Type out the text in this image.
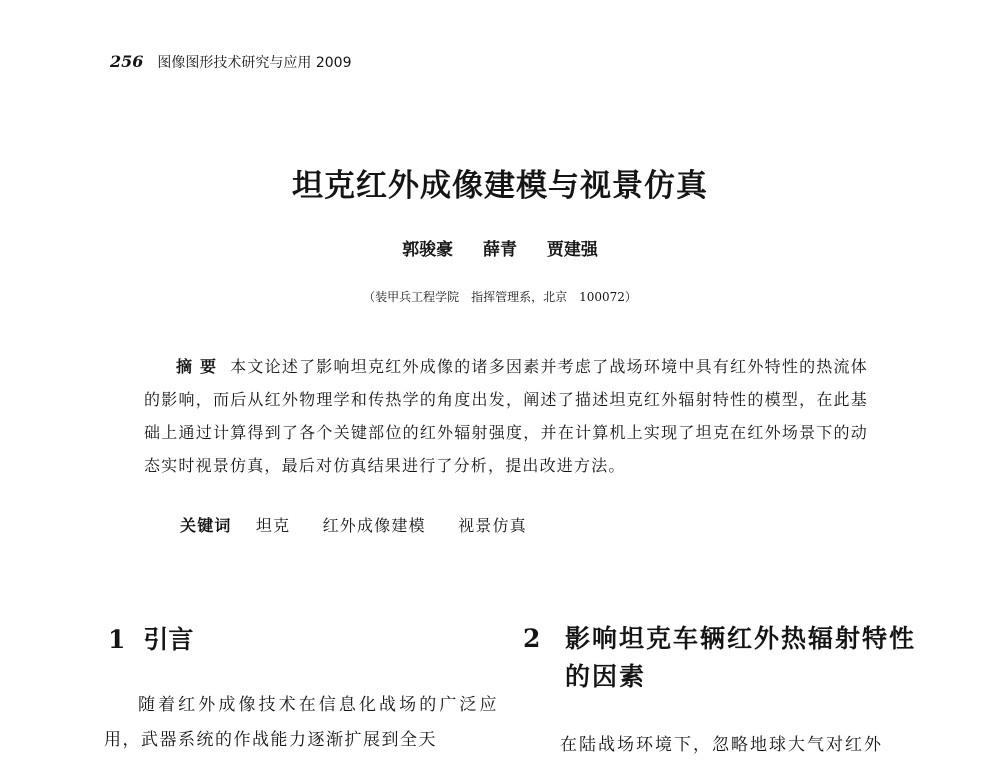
256 图像图形技术研究与应用 2009
坦克红外成像建模与视景仿真
郭骏豪 薛青 贾建强
（装甲兵工程学院　指挥管理系，北京　100072）
摘要 本文论述了影响坦克红外成像的诸多因素并考虑了战场环境中具有红外特性的热流体的影响，而后从红外物理学和传热学的角度出发，阐述了描述坦克红外辐射特性的模型，在此基础上通过计算得到了各个关键部位的红外辐射强度，并在计算机上实现了坦克在红外场景下的动态实时视景仿真，最后对仿真结果进行了分析，提出改进方法。
关键词 坦克 红外成像建模 视景仿真
1 引言
随着红外成像技术在信息化战场的广泛应用，武器系统的作战能力逐渐扩展到全天
2 影响坦克车辆红外热辐射特性的因素
在陆战场环境下，忽略地球大气对红外
